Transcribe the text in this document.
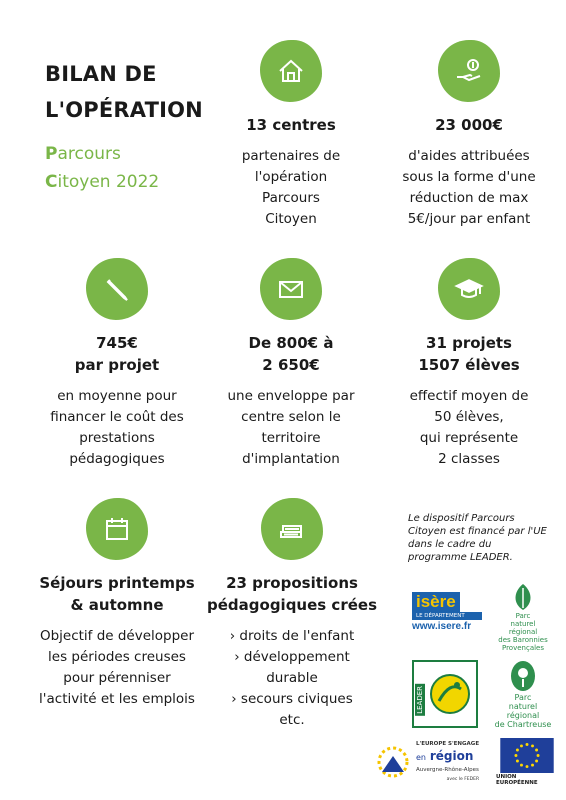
BILAN DE
L'OPÉRATION
Parcours
Citoyen 2022
13 centres
partenaires de
l'opération
Parcours
Citoyen
23 000€
d'aides attribuées
sous la forme d'une
réduction de max
5€/jour par enfant
745€
par projet
en moyenne pour
financer le coût des
prestations
pédagogiques
De 800€ à
2 650€
une enveloppe par
centre selon le
territoire
d'implantation
31 projets
1507 élèves
effectif moyen de
50 élèves,
qui représente
2 classes
Séjours printemps
& automne
Objectif de développer
les périodes creuses
pour pérenniser
l'activité et les emplois
23 propositions
pédagogiques crées
› droits de l'enfant
› développement
durable
› secours civiques
etc.
Le dispositif Parcours
Citoyen est financé par l'UE
dans le cadre du
programme LEADER.
isère
LE DÉPARTEMENT
www.isere.fr
Parc
naturel
régional
des Baronnies
Provençales
LEADER	Parc
naturel
régional
de Chartreuse
L'EUROPE S'ENGAGE
en région
Auvergne-Rhône-Alpes
avec le FEDER	UNION EUROPÉENNE
